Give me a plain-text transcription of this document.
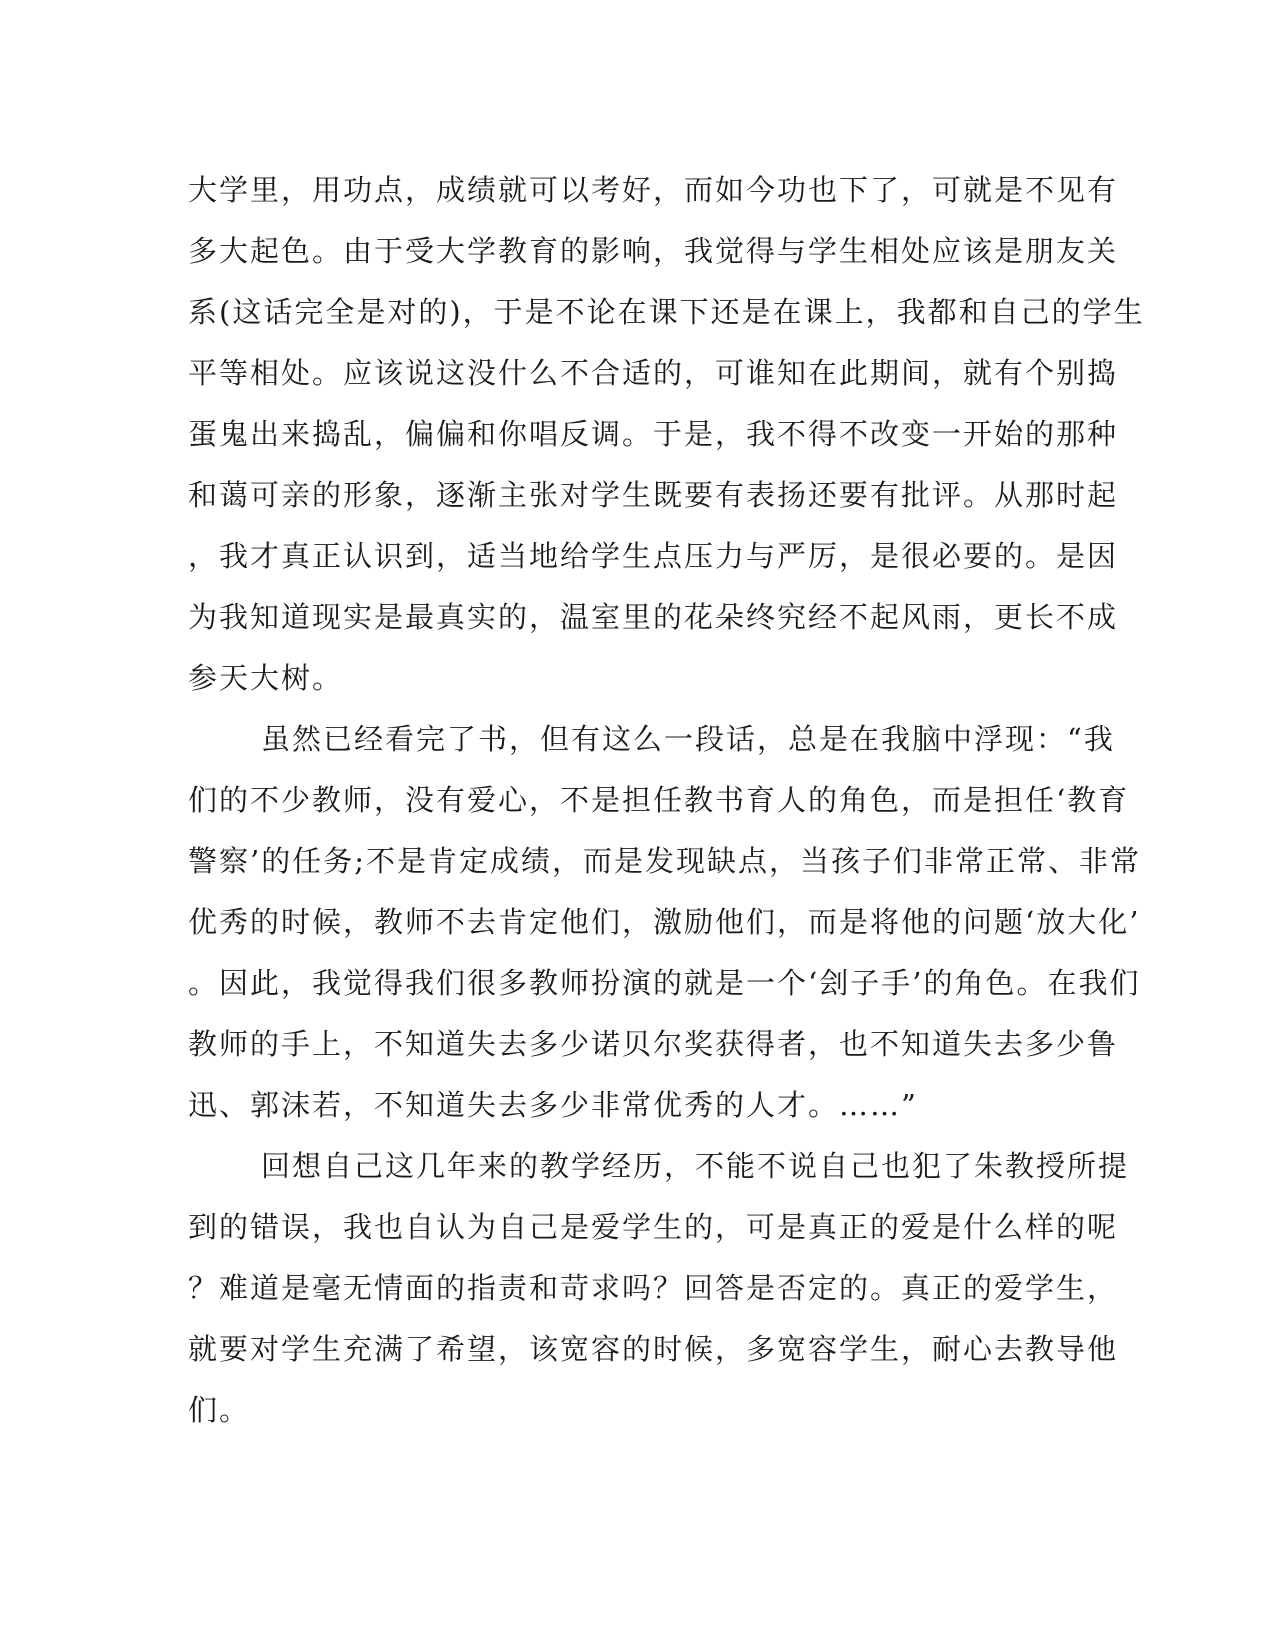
大学里，用功点，成绩就可以考好，而如今功也下了，可就是不见有
多大起色。由于受大学教育的影响，我觉得与学生相处应该是朋友关
系(这话完全是对的)，于是不论在课下还是在课上，我都和自己的学生
平等相处。应该说这没什么不合适的，可谁知在此期间，就有个别捣
蛋鬼出来捣乱，偏偏和你唱反调。于是，我不得不改变一开始的那种
和蔼可亲的形象，逐渐主张对学生既要有表扬还要有批评。从那时起
，我才真正认识到，适当地给学生点压力与严厉，是很必要的。是因
为我知道现实是最真实的，温室里的花朵终究经不起风雨，更长不成
参天大树。
虽然已经看完了书，但有这么一段话，总是在我脑中浮现：“我
们的不少教师，没有爱心，不是担任教书育人的角色，而是担任‘教育
警察’的任务;不是肯定成绩，而是发现缺点，当孩子们非常正常、非常
优秀的时候，教师不去肯定他们，激励他们，而是将他的问题‘放大化’
。因此，我觉得我们很多教师扮演的就是一个‘刽子手’的角色。在我们
教师的手上，不知道失去多少诺贝尔奖获得者，也不知道失去多少鲁
迅、郭沫若，不知道失去多少非常优秀的人才。……”
回想自己这几年来的教学经历，不能不说自己也犯了朱教授所提
到的错误，我也自认为自己是爱学生的，可是真正的爱是什么样的呢
？难道是毫无情面的指责和苛求吗？回答是否定的。真正的爱学生，
就要对学生充满了希望，该宽容的时候，多宽容学生，耐心去教导他
们。
